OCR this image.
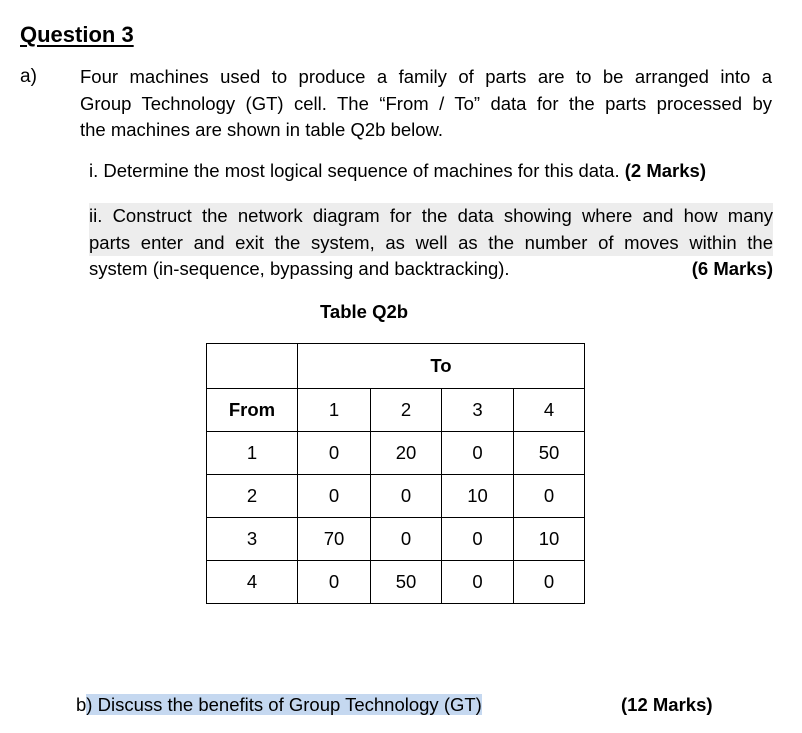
Question 3
a) Four machines used to produce a family of parts are to be arranged into a
Group Technology (GT) cell. The “From / To” data for the parts processed by
the machines are shown in table Q2b below.
i. Determine the most logical sequence of machines for this data. (2 Marks)
ii. Construct the network diagram for the data showing where and how many
parts enter and exit the system, as well as the number of moves within the
system (in-sequence, bypassing and backtracking).	(6 Marks)
Table Q2b
	To			
From	1	2	3	4
1	0	20	0	50
2	0	0	10	0
3	70	0	0	10
4	0	50	0	0
b) Discuss the benefits of Group Technology (GT)	(12 Marks)
